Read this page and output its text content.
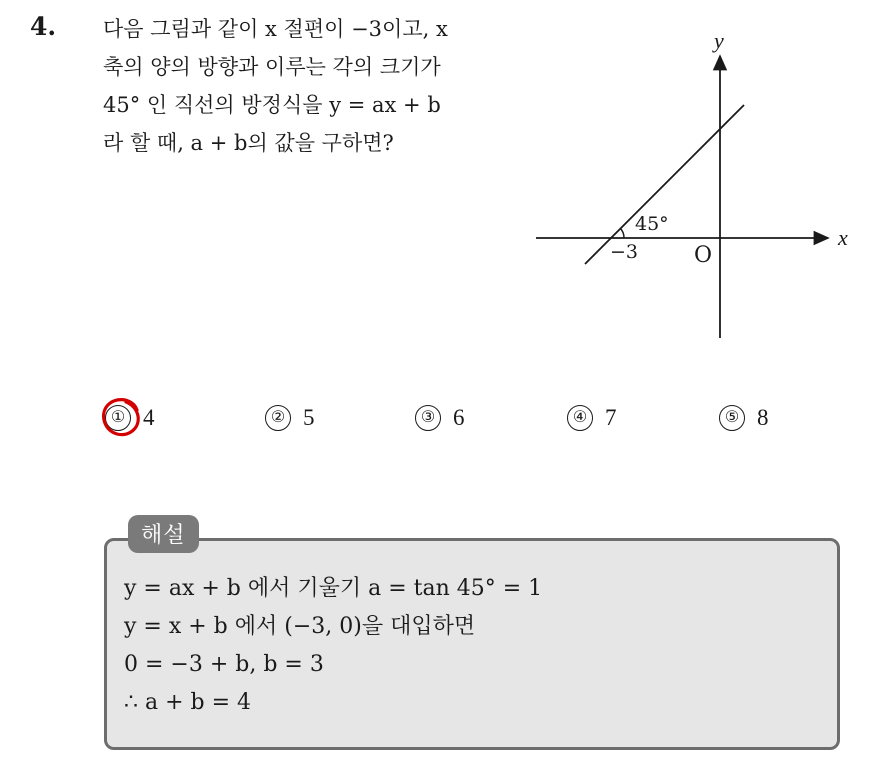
4. 다음 그림과 같이 x 절편이 −3이고, x
축의 양의 방향과 이루는 각의 크기가
45° 인 직선의 방정식을 y = ax + b
라 할 때, a + b의 값을 구하면?
y
x
45°
−3	O
① 4	② 5	③ 6	④ 7	⑤ 8
해설
y = ax + b 에서 기울기 a = tan 45° = 1
y = x + b 에서 (−3, 0)을 대입하면
0 = −3 + b, b = 3
∴ a + b = 4
